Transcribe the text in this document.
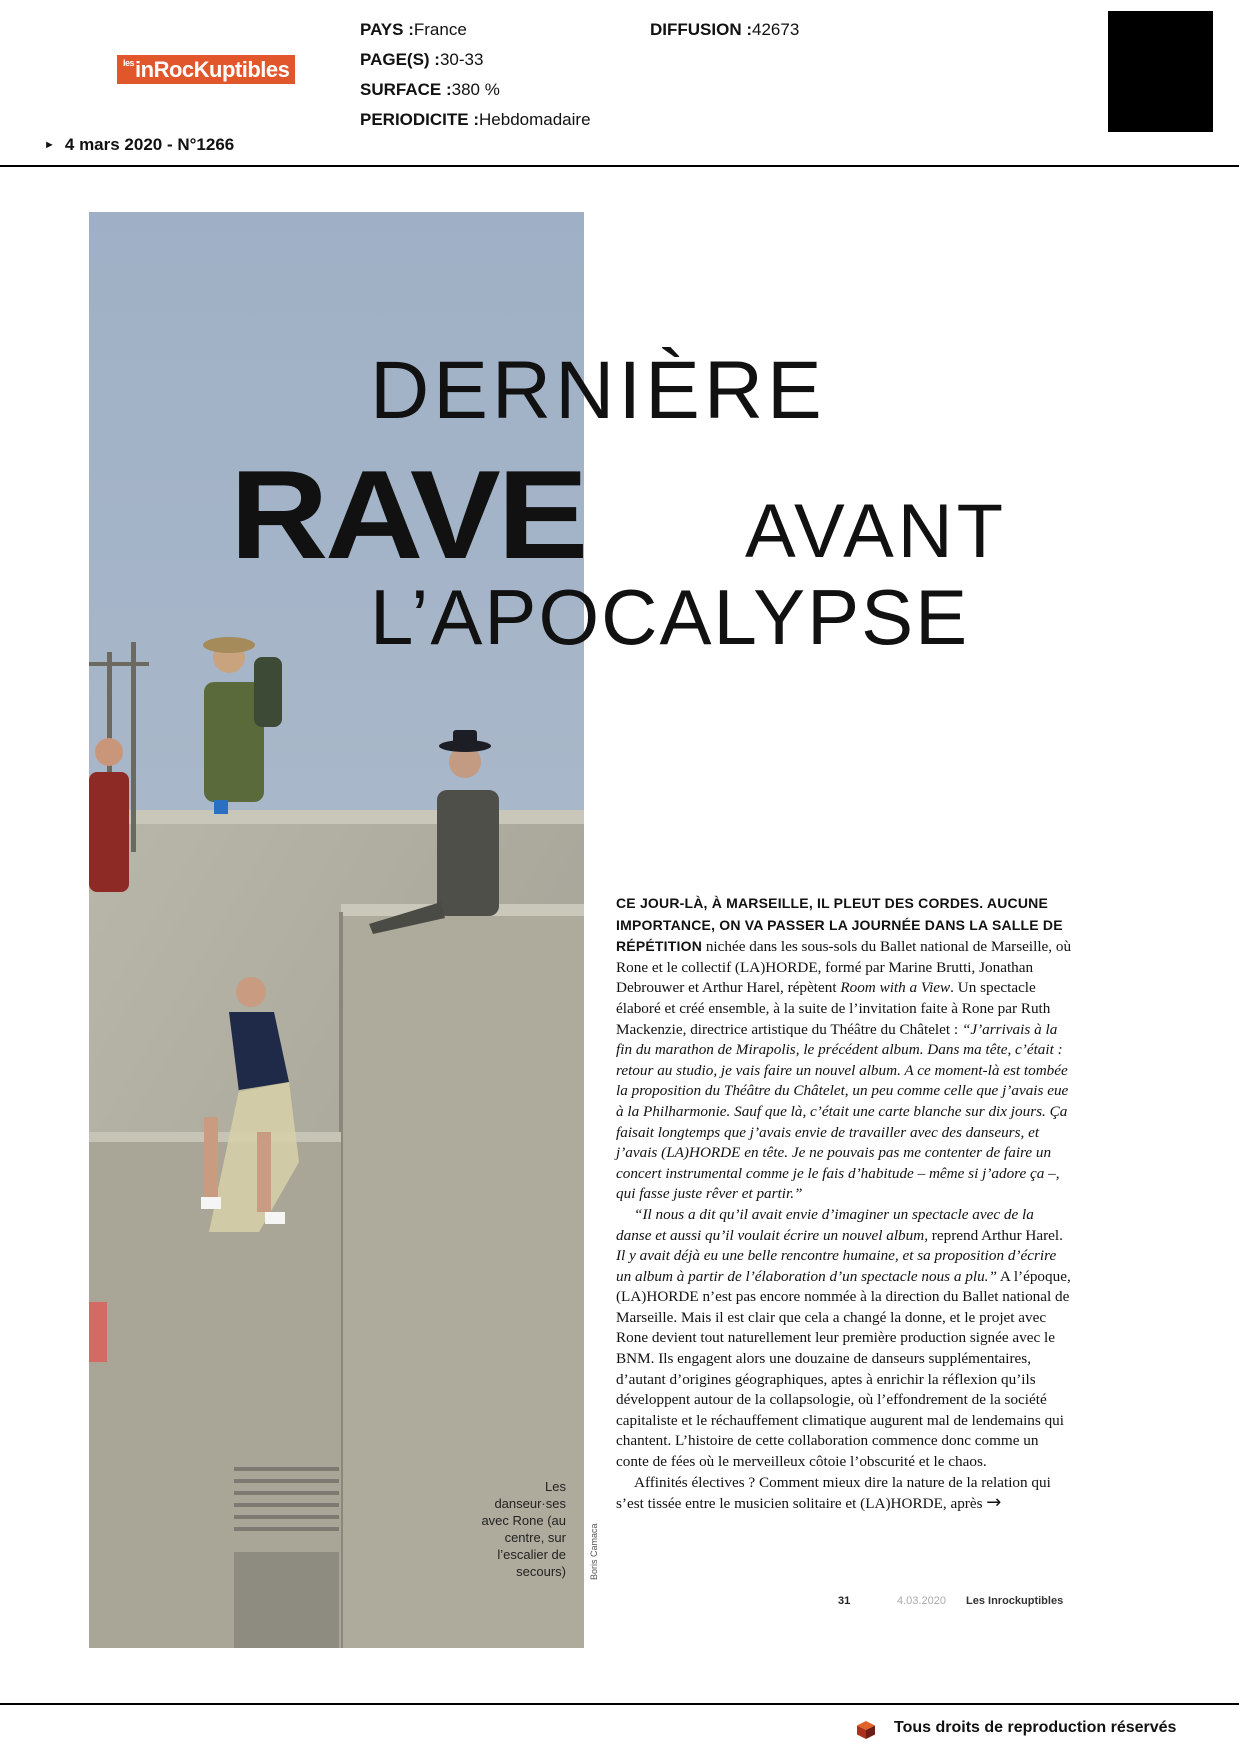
$^{les}$inRocKuptibles
PAYS :France
PAGE(S) :30-33
SURFACE :380 %
PERIODICITE :Hebdomadaire
DIFFUSION :42673
► 4 mars 2020 - N°1266
DERNIÈRE
RAVE AVANT
L’APOCALYPSE
Les danseur·ses avec Rone (au centre, sur l’escalier de secours)	Boris Camaca

CE JOUR-LÀ, À MARSEILLE, IL PLEUT DES CORDES. AUCUNE IMPORTANCE, ON VA PASSER LA JOURNÉE DANS LA SALLE DE RÉPÉTITION nichée dans les sous-sols du Ballet national de Marseille, où Rone et le collectif (LA)HORDE, formé par Marine Brutti, Jonathan Debrouwer et Arthur Harel, répètent Room with a View. Un spectacle élaboré et créé ensemble, à la suite de l’invitation faite à Rone par Ruth Mackenzie, directrice artistique du Théâtre du Châtelet : “J’arrivais à la fin du marathon de Mirapolis, le précédent album. Dans ma tête, c’était : retour au studio, je vais faire un nouvel album. A ce moment-là est tombée la proposition du Théâtre du Châtelet, un peu comme celle que j’avais eue à la Philharmonie. Sauf que là, c’était une carte blanche sur dix jours. Ça faisait longtemps que j’avais envie de travailler avec des danseurs, et j’avais (LA)HORDE en tête. Je ne pouvais pas me contenter de faire un concert instrumental comme je le fais d’habitude – même si j’adore ça –, qui fasse juste rêver et partir.”

“Il nous a dit qu’il avait envie d’imaginer un spectacle avec de la danse et aussi qu’il voulait écrire un nouvel album, reprend Arthur Harel. Il y avait déjà eu une belle rencontre humaine, et sa proposition d’écrire un album à partir de l’élaboration d’un spectacle nous a plu.” A l’époque, (LA)HORDE n’est pas encore nommée à la direction du Ballet national de Marseille. Mais il est clair que cela a changé la donne, et le projet avec Rone devient tout naturellement leur première production signée avec le BNM. Ils engagent alors une douzaine de danseurs supplémentaires, d’autant d’origines géographiques, aptes à enrichir la réflexion qu’ils développent autour de la collapsologie, où l’effondrement de la société capitaliste et le réchauffement climatique augurent mal de lendemains qui chantent. L’histoire de cette collaboration commence donc comme un conte de fées où le merveilleux côtoie l’obscurité et le chaos.

Affinités électives ? Comment mieux dire la nature de la relation qui s’est tissée entre le musicien solitaire et (LA)HORDE, après →

31	4.03.2020 Les Inrockuptibles
Tous droits de reproduction réservés
